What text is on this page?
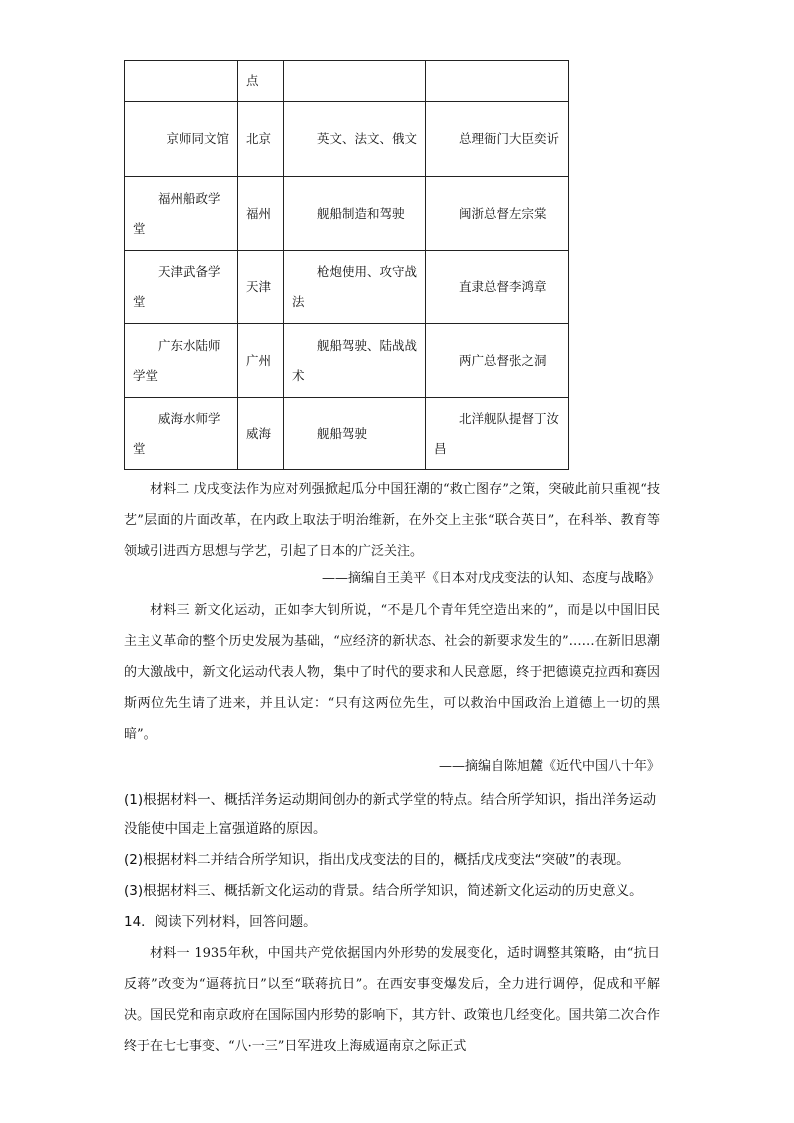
	点		

京师同文馆	北京	英文、法文、俄文	总理衙门大臣奕䜣

福州船政学堂	福州	舰船制造和驾驶	闽浙总督左宗棠

天津武备学堂	天津	枪炮使用、攻守战法	直隶总督李鸿章

广东水陆师学堂	广州	舰船驾驶、陆战战术	两广总督张之洞

威海水师学堂	威海	舰船驾驶	北洋舰队提督丁汝昌

材料二 戊戌变法作为应对列强掀起瓜分中国狂潮的“救亡图存”之策，突破此前只重视“技艺”层面的片面改革，在内政上取法于明治维新，在外交上主张“联合英日”，在科举、教育等领域引进西方思想与学艺，引起了日本的广泛关注。

——摘编自王美平《日本对戊戌变法的认知、态度与战略》

材料三 新文化运动，正如李大钊所说，“不是几个青年凭空造出来的”，而是以中国旧民主主义革命的整个历史发展为基础，“应经济的新状态、社会的新要求发生的”……在新旧思潮的大激战中，新文化运动代表人物，集中了时代的要求和人民意愿，终于把德谟克拉西和赛因斯两位先生请了进来，并且认定：“只有这两位先生，可以救治中国政治上道德上一切的黑暗”。

——摘编自陈旭麓《近代中国八十年》
(1)根据材料一、概括洋务运动期间创办的新式学堂的特点。结合所学知识，指出洋务运动没能使中国走上富强道路的原因。
(2)根据材料二并结合所学知识，指出戊戌变法的目的，概括戊戌变法“突破”的表现。
(3)根据材料三、概括新文化运动的背景。结合所学知识，简述新文化运动的历史意义。
14．阅读下列材料，回答问题。

材料一 1935年秋，中国共产党依据国内外形势的发展变化，适时调整其策略，由“抗日反蒋”改变为“逼蒋抗日”以至“联蒋抗日”。在西安事变爆发后，全力进行调停，促成和平解决。国民党和南京政府在国际国内形势的影响下，其方针、政策也几经变化。国共第二次合作终于在七七事变、“八·一三”日军进攻上海威逼南京之际正式
